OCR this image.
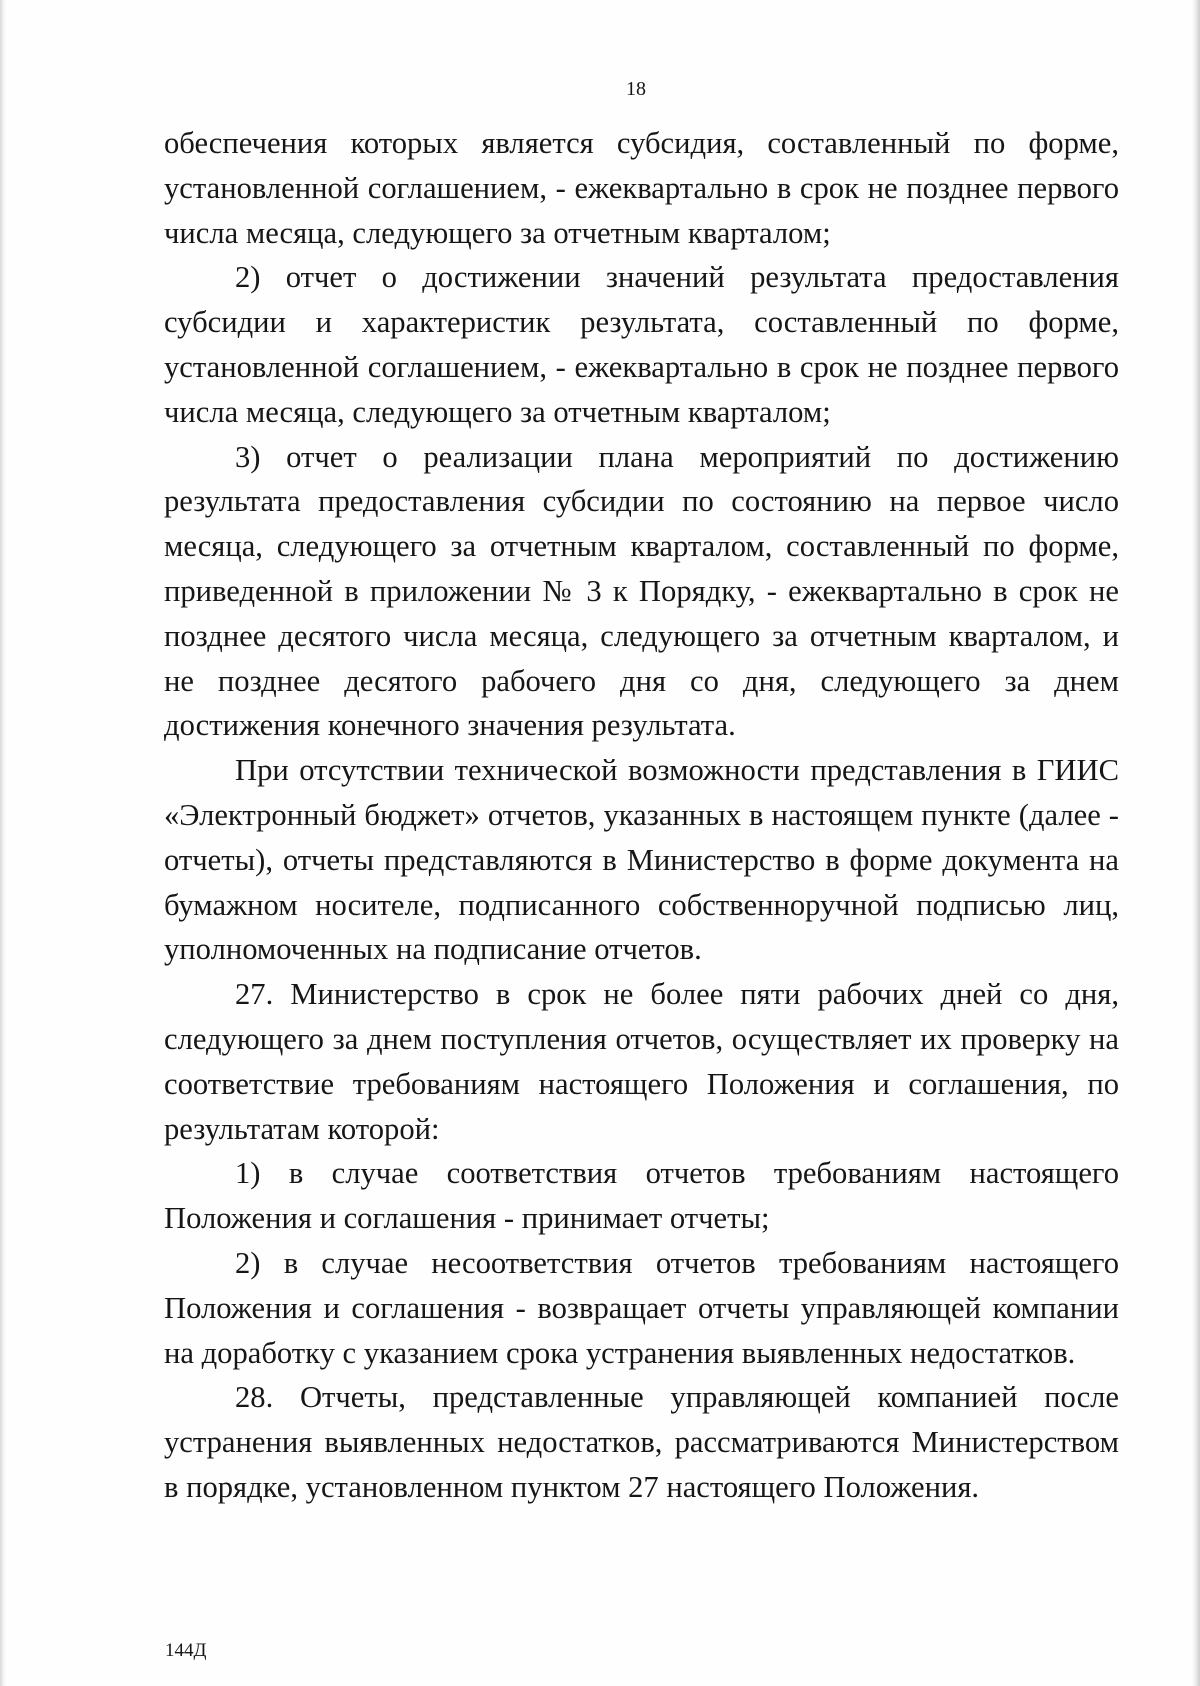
18

обеспечения которых является субсидия, составленный по форме, установленной соглашением, - ежеквартально в срок не позднее первого числа месяца, следующего за отчетным кварталом;

2) отчет о достижении значений результата предоставления субсидии и характеристик результата, составленный по форме, установленной соглашением, - ежеквартально в срок не позднее первого числа месяца, следующего за отчетным кварталом;

3) отчет о реализации плана мероприятий по достижению результата предоставления субсидии по состоянию на первое число месяца, следующего за отчетным кварталом, составленный по форме, приведенной в приложении № 3 к Порядку, - ежеквартально в срок не позднее десятого числа месяца, следующего за отчетным кварталом, и не позднее десятого рабочего дня со дня, следующего за днем достижения конечного значения результата.

При отсутствии технической возможности представления в ГИИС «Электронный бюджет» отчетов, указанных в настоящем пункте (далее - отчеты), отчеты представляются в Министерство в форме документа на бумажном носителе, подписанного собственноручной подписью лиц, уполномоченных на подписание отчетов.

27. Министерство в срок не более пяти рабочих дней со дня, следующего за днем поступления отчетов, осуществляет их проверку на соответствие требованиям настоящего Положения и соглашения, по результатам которой:

1) в случае соответствия отчетов требованиям настоящего Положения и соглашения - принимает отчеты;

2) в случае несоответствия отчетов требованиям настоящего Положения и соглашения - возвращает отчеты управляющей компании на доработку с указанием срока устранения выявленных недостатков.

28. Отчеты, представленные управляющей компанией после устранения выявленных недостатков, рассматриваются Министерством в порядке, установленном пунктом 27 настоящего Положения.

144Д
